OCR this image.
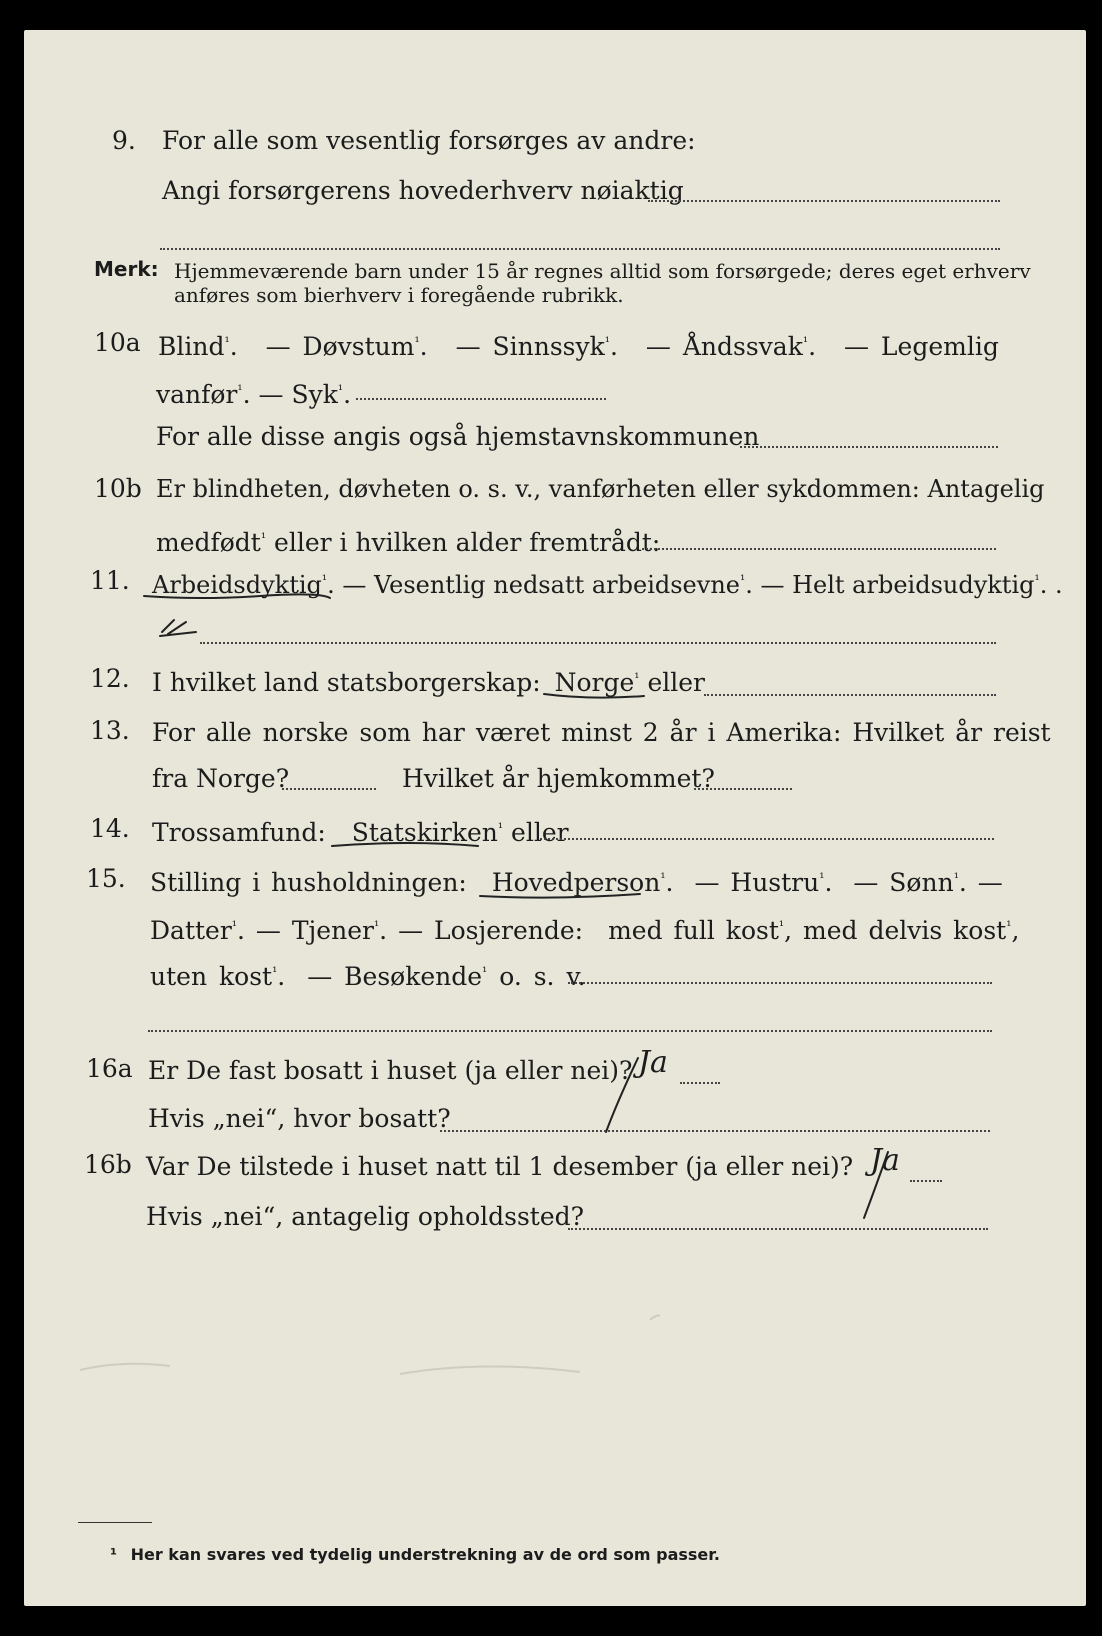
9. For alle som vesentlig forsørges av andre:
Angi forsørgerens hovederhverv nøiaktig
Merk: Hjemmeværende barn under 15 år regnes alltid som forsørgede; deres eget erhverv
anføres som bierhverv i foregående rubrikk.
10a Blind$^{^1}$. — Døvstum$^{^1}$. — Sinnssyk$^{^1}$. — Åndssvak$^{^1}$. — Legemlig
vanfør$^{^1}$. — Syk$^{^1}$.
For alle disse angis også hjemstavnskommunen
10b Er blindheten, døvheten o. s. v., vanførheten eller sykdommen: Antagelig
medfødt$^{^1}$ eller i hvilken alder fremtrådt:
11. Arbeidsdyktig$^{^1}$. — Vesentlig nedsatt arbeidsevne$^{^1}$. — Helt arbeidsudyktig$^{^1}$. .
12. I hvilket land statsborgerskap: Norge$^{^1}$ eller
13. For alle norske som har været minst 2 år i Amerika: Hvilket år reist
fra Norge?	Hvilket år hjemkommet?
14. Trossamfund: Statskirken$^{^1}$ eller
15. Stilling i husholdningen: Hovedperson$^{^1}$. — Hustru$^{^1}$. — Sønn$^{^1}$. —
Datter$^{^1}$. — Tjener$^{^1}$. — Losjerende: med full kost$^{^1}$, med delvis kost$^{^1}$,
uten kost$^{^1}$. — Besøkende$^{^1}$ o. s. v.
16a Er De fast bosatt i huset (ja eller nei)? Ja
Hvis „nei“, hvor bosatt?
16b Var De tilstede i huset natt til 1 desember (ja eller nei)? Ja
Hvis „nei“, antagelig opholdssted?
¹ Her kan svares ved tydelig understrekning av de ord som passer.
